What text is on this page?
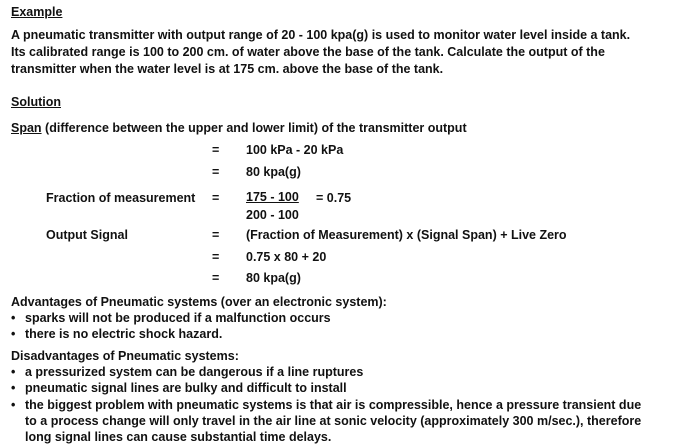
Example
A pneumatic transmitter with output range of 20 - 100 kpa(g) is used to monitor water level inside a tank.
Its calibrated range is 100 to 200 cm. of water above the base of the tank. Calculate the output of the
transmitter when the water level is at 175 cm. above the base of the tank.
Solution
Span (difference between the upper and lower limit) of the transmitter output
= 100 kPa - 20 kPa
= 80 kpa(g)
Fraction of measurement =
$\frac{175 - 100}{200 - 100}$
= 0.75
Output Signal	= (Fraction of Measurement) x (Signal Span) + Live Zero
= 0.75 x 80 + 20
= 80 kpa(g)
Advantages of Pneumatic systems (over an electronic system):
• sparks will not be produced if a malfunction occurs
• there is no electric shock hazard.
Disadvantages of Pneumatic systems:
• a pressurized system can be dangerous if a line ruptures
• pneumatic signal lines are bulky and difficult to install
• the biggest problem with pneumatic systems is that air is compressible, hence a pressure transient due
to a process change will only travel in the air line at sonic velocity (approximately 300 m/sec.), therefore
long signal lines can cause substantial time delays.
